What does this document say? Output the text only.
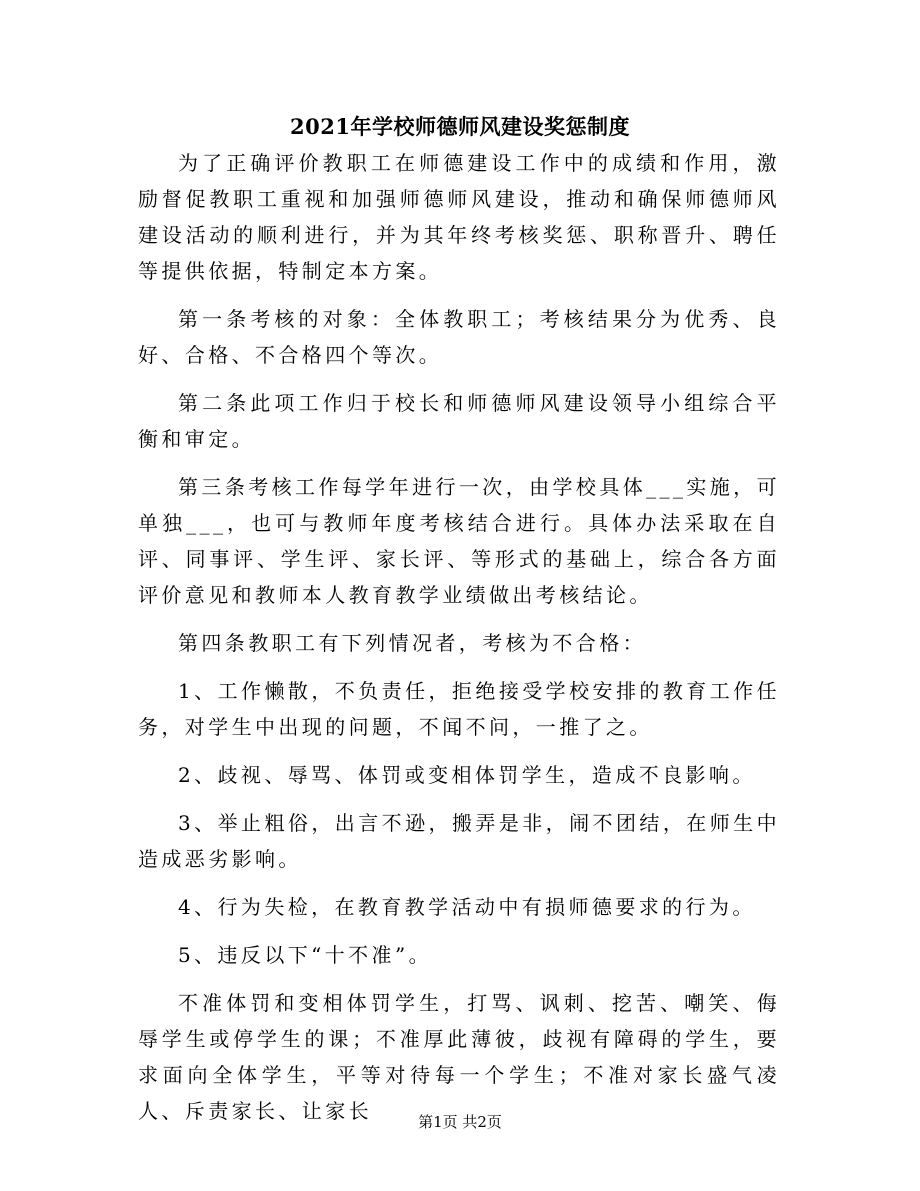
2021年学校师德师风建设奖惩制度

为了正确评价教职工在师德建设工作中的成绩和作用，激励督促教职工重视和加强师德师风建设，推动和确保师德师风建设活动的顺利进行，并为其年终考核奖惩、职称晋升、聘任等提供依据，特制定本方案。

第一条考核的对象：全体教职工；考核结果分为优秀、良好、合格、不合格四个等次。

第二条此项工作归于校长和师德师风建设领导小组综合平衡和审定。

第三条考核工作每学年进行一次，由学校具体___实施，可单独___，也可与教师年度考核结合进行。具体办法采取在自评、同事评、学生评、家长评、等形式的基础上，综合各方面评价意见和教师本人教育教学业绩做出考核结论。

第四条教职工有下列情况者，考核为不合格：

1、工作懒散，不负责任，拒绝接受学校安排的教育工作任务，对学生中出现的问题，不闻不问，一推了之。

2、歧视、辱骂、体罚或变相体罚学生，造成不良影响。

3、举止粗俗，出言不逊，搬弄是非，闹不团结，在师生中造成恶劣影响。

4、行为失检，在教育教学活动中有损师德要求的行为。

5、违反以下“十不准”。

不准体罚和变相体罚学生，打骂、讽刺、挖苦、嘲笑、侮辱学生或停学生的课；不准厚此薄彼，歧视有障碍的学生，要求面向全体学生，平等对待每一个学生；不准对家长盛气凌人、斥责家长、让家长	第1页 共2页
